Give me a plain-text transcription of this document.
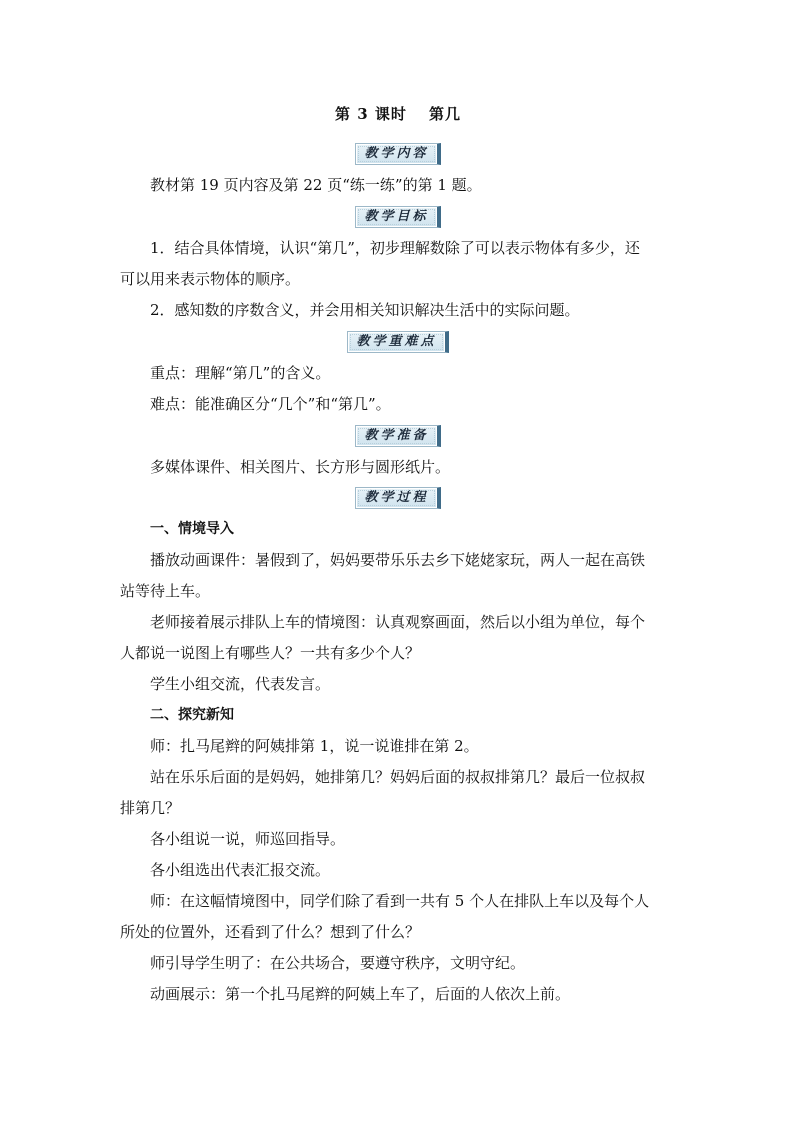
第 3 课时 第几
教学内容

教材第 19 页内容及第 22 页“练一练”的第 1 题。

教学目标

1．结合具体情境，认识“第几”，初步理解数除了可以表示物体有多少，还

可以用来表示物体的顺序。

2．感知数的序数含义，并会用相关知识解决生活中的实际问题。

教学重难点

重点：理解“第几”的含义。

难点：能准确区分“几个”和“第几”。

教学准备

多媒体课件、相关图片、长方形与圆形纸片。

教学过程

一、情境导入

播放动画课件：暑假到了，妈妈要带乐乐去乡下姥姥家玩，两人一起在高铁

站等待上车。

老师接着展示排队上车的情境图：认真观察画面，然后以小组为单位，每个

人都说一说图上有哪些人？一共有多少个人？

学生小组交流，代表发言。

二、探究新知

师：扎马尾辫的阿姨排第 1，说一说谁排在第 2。

站在乐乐后面的是妈妈，她排第几？妈妈后面的叔叔排第几？最后一位叔叔

排第几？

各小组说一说，师巡回指导。

各小组选出代表汇报交流。

师：在这幅情境图中，同学们除了看到一共有 5 个人在排队上车以及每个人

所处的位置外，还看到了什么？想到了什么？

师引导学生明了：在公共场合，要遵守秩序，文明守纪。

动画展示：第一个扎马尾辫的阿姨上车了，后面的人依次上前。
